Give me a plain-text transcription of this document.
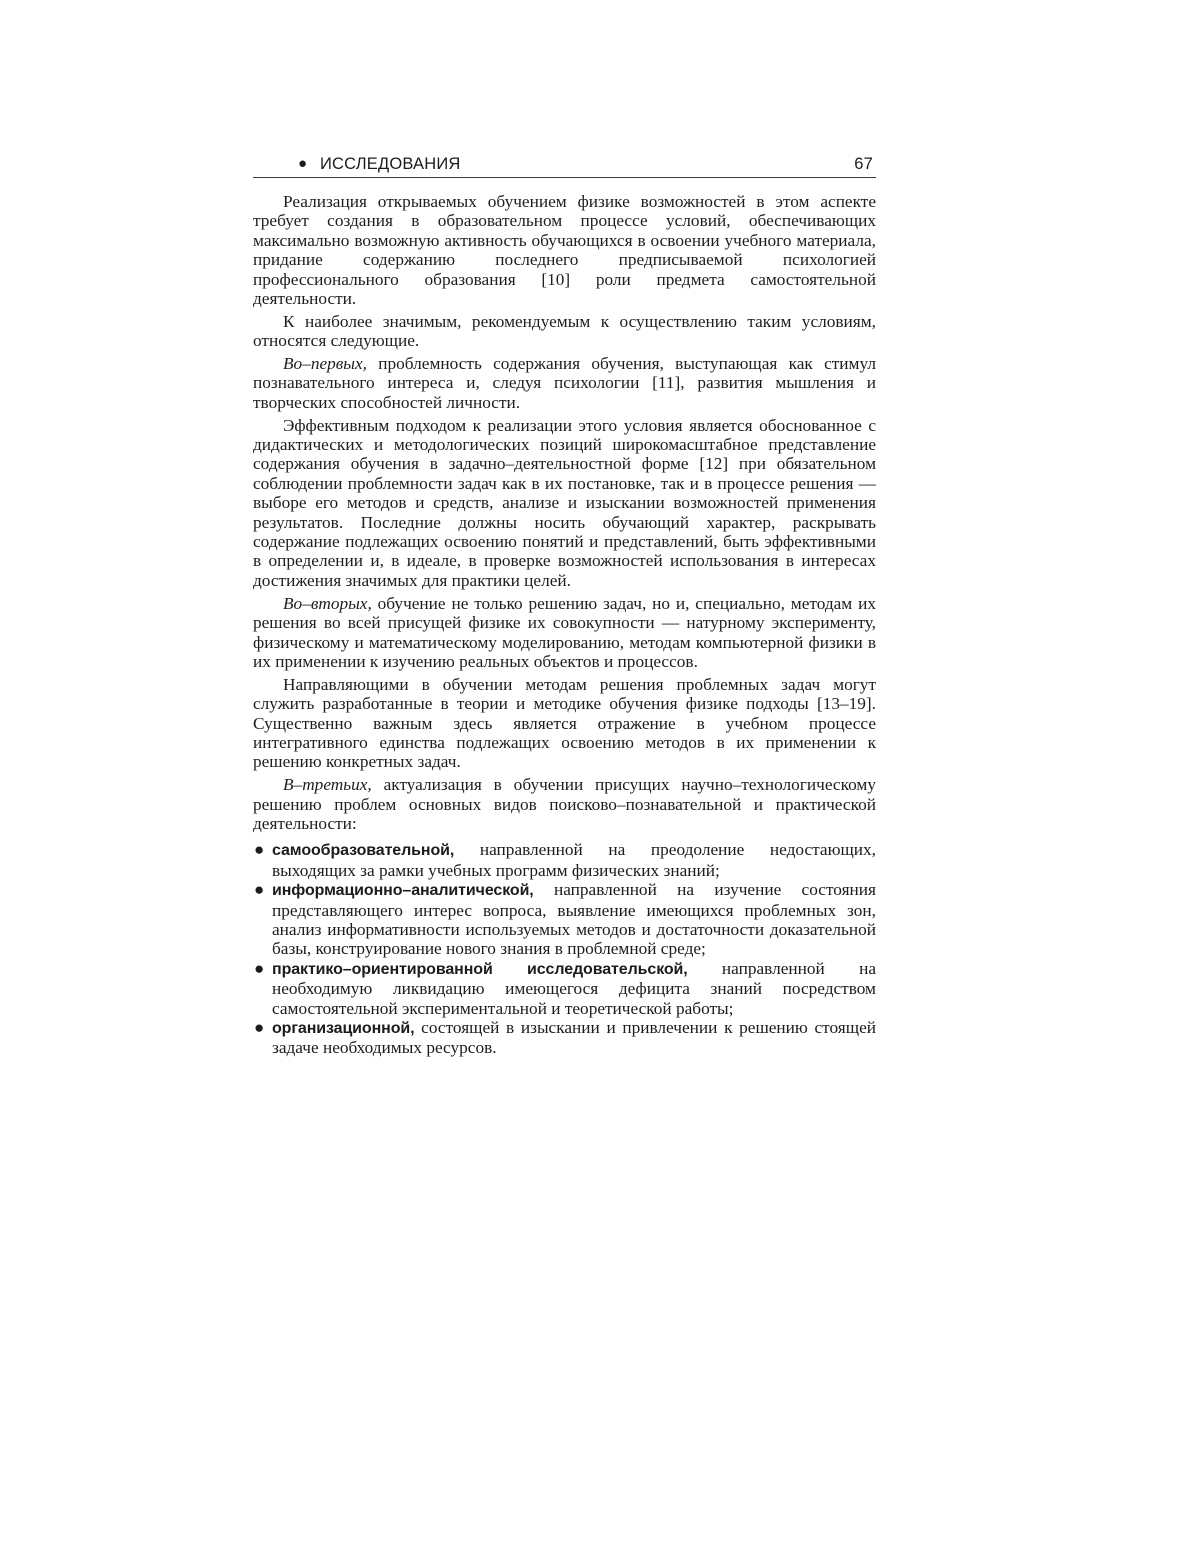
● ИССЛЕДОВАНИЯ	67

Реализация открываемых обучением физике возможностей в этом аспекте требует создания в образовательном процессе условий, обеспечивающих максимально возможную активность обучающихся в освоении учебного материала, придание содержанию последнего предписываемой психологией профессионального образования [10] роли предмета самостоятельной деятельности.

К наиболее значимым, рекомендуемым к осуществлению таким условиям, относятся следующие.

Во–первых, проблемность содержания обучения, выступающая как стимул познавательного интереса и, следуя психологии [11], развития мышления и творческих способностей личности.

Эффективным подходом к реализации этого условия является обоснованное с дидактических и методологических позиций широкомасштабное представление содержания обучения в задачно–деятельностной форме [12] при обязательном соблюдении проблемности задач как в их постановке, так и в процессе решения — выборе его методов и средств, анализе и изыскании возможностей применения результатов. Последние должны носить обучающий характер, раскрывать содержание подлежащих освоению понятий и представлений, быть эффективными в определении и, в идеале, в проверке возможностей использования в интересах достижения значимых для практики целей.

Во–вторых, обучение не только решению задач, но и, специально, методам их решения во всей присущей физике их совокупности — натурному эксперименту, физическому и математическому моделированию, методам компьютерной физики в их применении к изучению реальных объектов и процессов.

Направляющими в обучении методам решения проблемных задач могут служить разработанные в теории и методике обучения физике подходы [13–19]. Существенно важным здесь является отражение в учебном процессе интегративного единства подлежащих освоению методов в их применении к решению конкретных задач.

В–третьих, актуализация в обучении присущих научно–технологическому решению проблем основных видов поисково–познавательной и практической деятельности:

● самообразовательной, направленной на преодоление недостающих, выходящих за рамки учебных программ физических знаний;
● информационно–аналитической, направленной на изучение состояния представляющего интерес вопроса, выявление имеющихся проблемных зон, анализ информативности используемых методов и достаточности доказательной базы, конструирование нового знания в проблемной среде;
● практико–ориентированной исследовательской, направленной на необходимую ликвидацию имеющегося дефицита знаний посредством самостоятельной экспериментальной и теоретической работы;
● организационной, состоящей в изыскании и привлечении к решению стоящей задаче необходимых ресурсов.
